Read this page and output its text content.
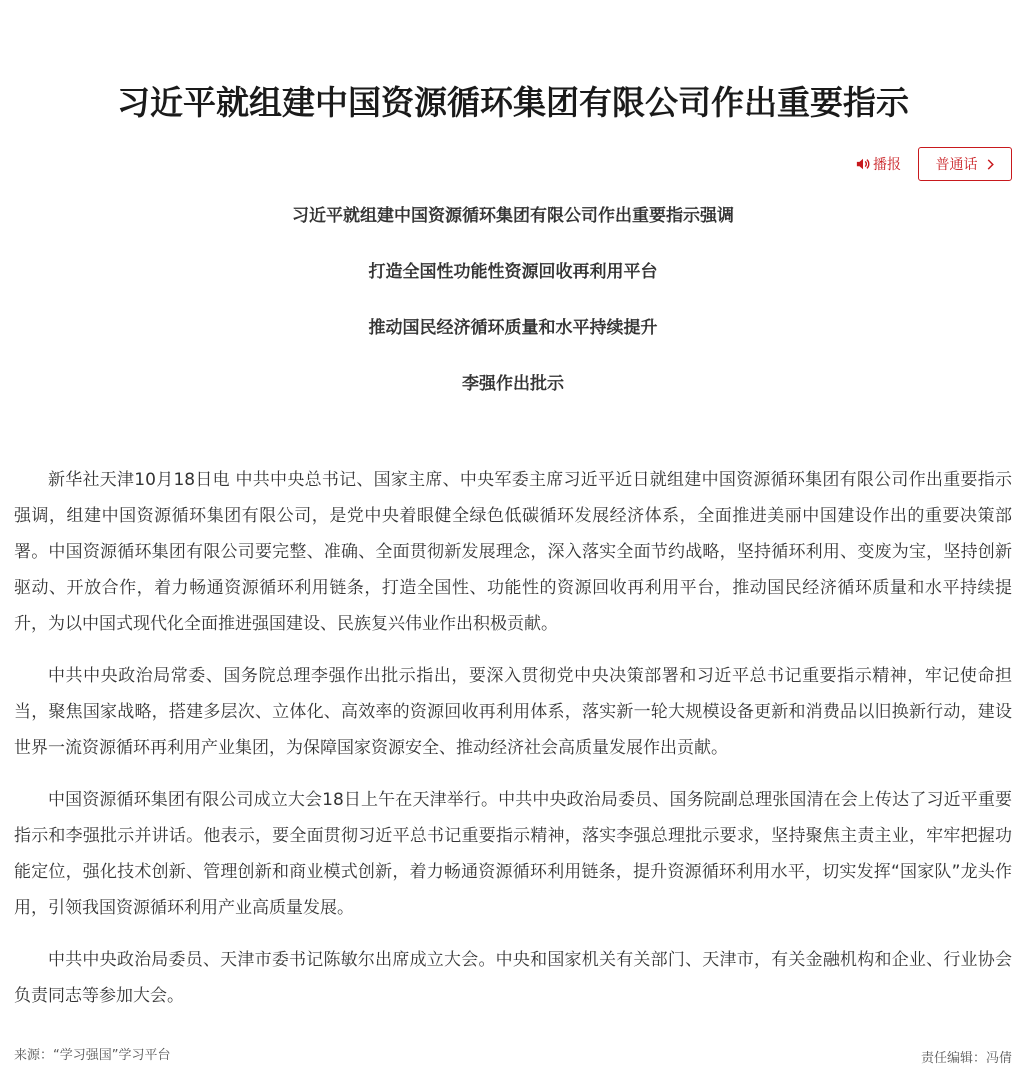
习近平就组建中国资源循环集团有限公司作出重要指示
播报 普通话
习近平就组建中国资源循环集团有限公司作出重要指示强调
打造全国性功能性资源回收再利用平台
推动国民经济循环质量和水平持续提升
李强作出批示

新华社天津10月18日电 中共中央总书记、国家主席、中央军委主席习近平近日就组建中国资源循环集团有限公司作出重要指示强调，组建中国资源循环集团有限公司，是党中央着眼健全绿色低碳循环发展经济体系，全面推进美丽中国建设作出的重要决策部署。中国资源循环集团有限公司要完整、准确、全面贯彻新发展理念，深入落实全面节约战略，坚持循环利用、变废为宝，坚持创新驱动、开放合作，着力畅通资源循环利用链条，打造全国性、功能性的资源回收再利用平台，推动国民经济循环质量和水平持续提升，为以中国式现代化全面推进强国建设、民族复兴伟业作出积极贡献。

中共中央政治局常委、国务院总理李强作出批示指出，要深入贯彻党中央决策部署和习近平总书记重要指示精神，牢记使命担当，聚焦国家战略，搭建多层次、立体化、高效率的资源回收再利用体系，落实新一轮大规模设备更新和消费品以旧换新行动，建设世界一流资源循环再利用产业集团，为保障国家资源安全、推动经济社会高质量发展作出贡献。

中国资源循环集团有限公司成立大会18日上午在天津举行。中共中央政治局委员、国务院副总理张国清在会上传达了习近平重要指示和李强批示并讲话。他表示，要全面贯彻习近平总书记重要指示精神，落实李强总理批示要求，坚持聚焦主责主业，牢牢把握功能定位，强化技术创新、管理创新和商业模式创新，着力畅通资源循环利用链条，提升资源循环利用水平，切实发挥“国家队”龙头作用，引领我国资源循环利用产业高质量发展。

中共中央政治局委员、天津市委书记陈敏尔出席成立大会。中央和国家机关有关部门、天津市，有关金融机构和企业、行业协会负责同志等参加大会。

来源：“学习强国”学习平台	责任编辑：冯倩
